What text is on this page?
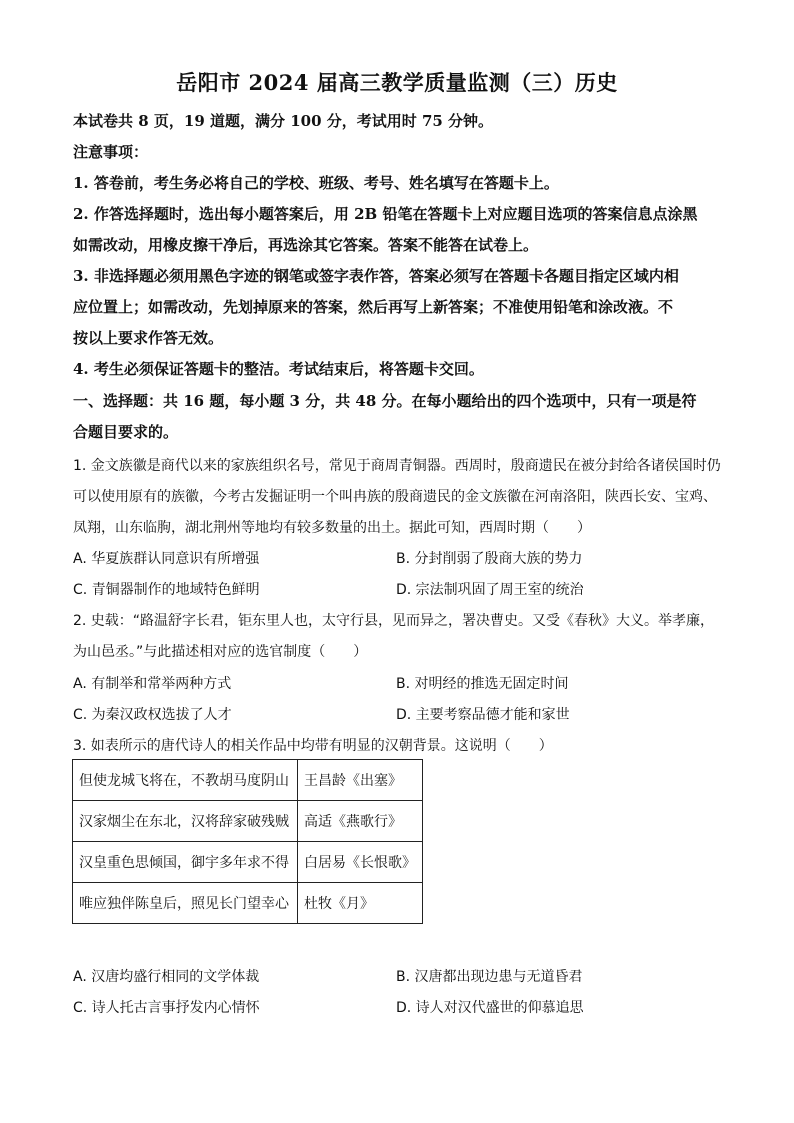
岳阳市 2024 届高三教学质量监测（三）历史
本试卷共 8 页，19 道题，满分 100 分，考试用时 75 分钟。
注意事项：
1. 答卷前，考生务必将自己的学校、班级、考号、姓名填写在答题卡上。
2. 作答选择题时，选出每小题答案后，用 2B 铅笔在答题卡上对应题目选项的答案信息点涂黑
如需改动，用橡皮擦干净后，再选涂其它答案。答案不能答在试卷上。
3. 非选择题必须用黑色字迹的钢笔或签字表作答，答案必须写在答题卡各题目指定区域内相
应位置上；如需改动，先划掉原来的答案，然后再写上新答案；不准使用铅笔和涂改液。不
按以上要求作答无效。
4. 考生必须保证答题卡的整洁。考试结束后，将答题卡交回。
一、选择题：共 16 题，每小题 3 分，共 48 分。在每小题给出的四个选项中，只有一项是符
合题目要求的。
1. 金文族徽是商代以来的家族组织名号，常见于商周青铜器。西周时，殷商遗民在被分封给各诸侯国时仍
可以使用原有的族徽，今考古发掘证明一个叫冉族的殷商遗民的金文族徽在河南洛阳，陕西长安、宝鸡、
凤翔，山东临朐，湖北荆州等地均有较多数量的出土。据此可知，西周时期（　　）
A. 华夏族群认同意识有所增强	B. 分封削弱了殷商大族的势力
C. 青铜器制作的地域特色鲜明	D. 宗法制巩固了周王室的统治
2. 史载：“路温舒字长君，钜东里人也，太守行县，见而异之，署决曹史。又受《春秋》大义。举孝廉，
为山邑丞。”与此描述相对应的选官制度（　　）
A. 有制举和常举两种方式	B. 对明经的推选无固定时间
C. 为秦汉政权选拔了人才	D. 主要考察品德才能和家世
3. 如表所示的唐代诗人的相关作品中均带有明显的汉朝背景。这说明（　　）
但使龙城飞将在，不教胡马度阴山	王昌龄《出塞》
汉家烟尘在东北，汉将辞家破残贼	高适《燕歌行》
汉皇重色思倾国，御宇多年求不得	白居易《长恨歌》
唯应独伴陈皇后，照见长门望幸心	杜牧《月》
A. 汉唐均盛行相同的文学体裁	B. 汉唐都出现边患与无道昏君
C. 诗人托古言事抒发内心情怀	D. 诗人对汉代盛世的仰慕追思
